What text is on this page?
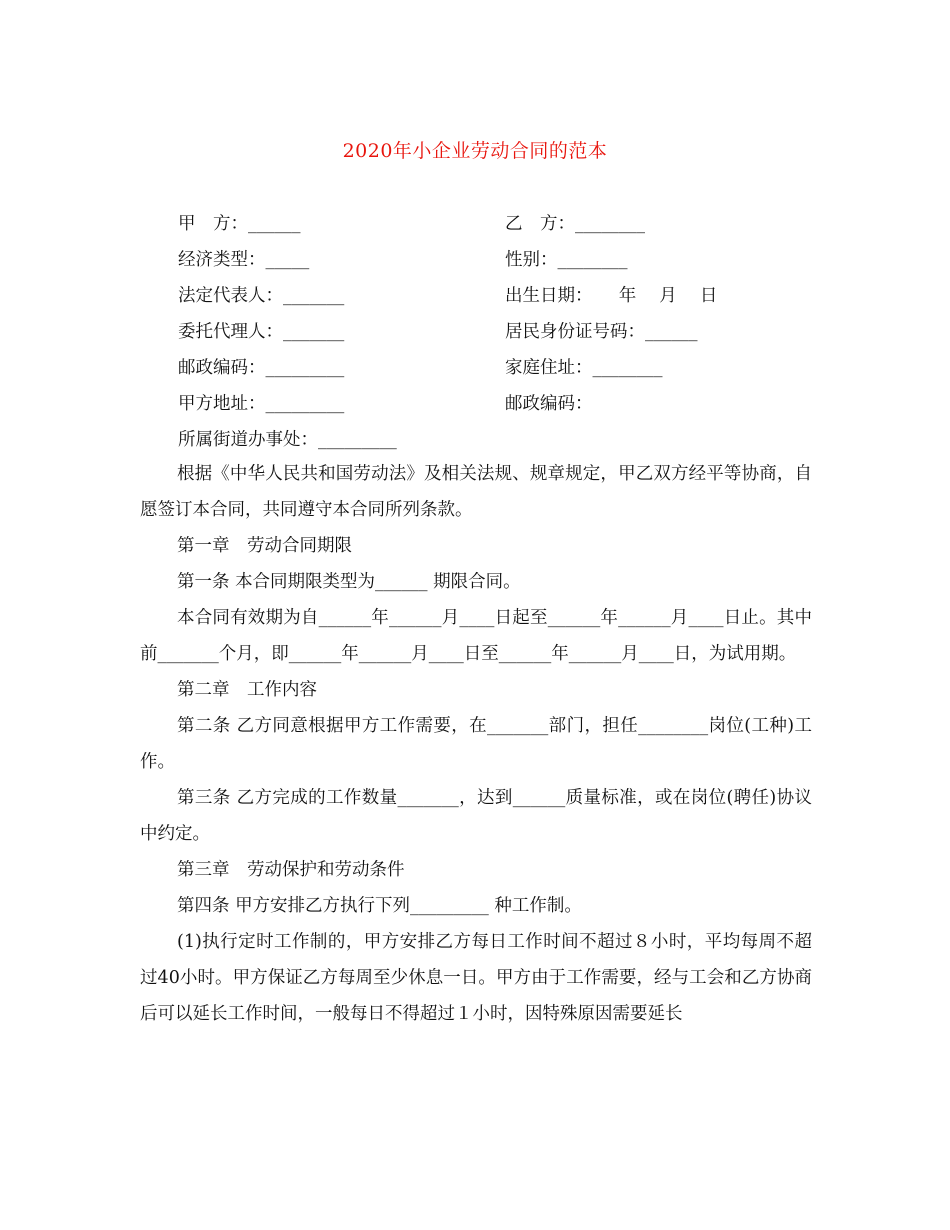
2020年小企业劳动合同的范本
甲　方：______	乙　方：________
经济类型：_____	性别：________
法定代表人：_______	出生日期：　　年　 月　 日
委托代理人：_______	居民身份证号码：______
邮政编码：_________	家庭住址：________
甲方地址：_________	邮政编码：
所属街道办事处：_________

根据《中华人民共和国劳动法》及相关法规、规章规定，甲乙双方经平等协商，自愿签订本合同，共同遵守本合同所列条款。

第一章　劳动合同期限

第一条 本合同期限类型为______ 期限合同。

本合同有效期为自______年______月____日起至______年______月____日止。其中前_______个月，即______年______月____日至______年______月____日，为试用期。

第二章　工作内容

第二条 乙方同意根据甲方工作需要，在_______部门，担任________岗位(工种)工作。

第三条 乙方完成的工作数量_______，达到______质量标准，或在岗位(聘任)协议中约定。

第三章　劳动保护和劳动条件

第四条 甲方安排乙方执行下列_________ 种工作制。

(1)执行定时工作制的，甲方安排乙方每日工作时间不超过８小时，平均每周不超过40小时。甲方保证乙方每周至少休息一日。甲方由于工作需要，经与工会和乙方协商后可以延长工作时间，一般每日不得超过１小时，因特殊原因需要延长
